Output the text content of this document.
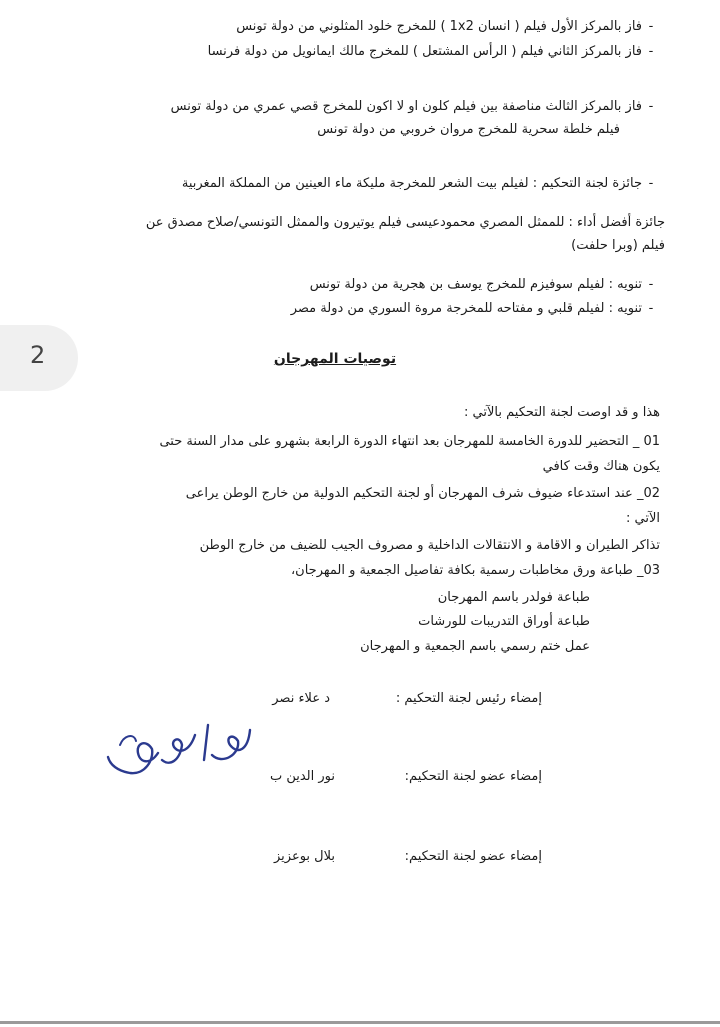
-فاز بالمركز الأول فيلم ( انسان 1x2 ) للمخرج خلود المثلوني من دولة تونس
-فاز بالمركز الثاني فيلم ( الرأس المشتعل ) للمخرج مالك ايمانويل من دولة فرنسا
-فاز بالمركز الثالث مناصفة بين فيلم كلون او لا اكون للمخرج قصي عمري من دولة تونس
فيلم خلطة سحرية للمخرج مروان خروبي من دولة تونس
-جائزة لجنة التحكيم : لفيلم بيت الشعر للمخرجة مليكة ماء العينين من المملكة المغربية
جائزة أفضل أداء : للممثل المصري محمودعيسى فيلم يوتيرون والممثل التونسي/صلاح مصدق عن
فيلم (وبرا حلفت)
-تنويه : لفيلم سوفيزم للمخرج يوسف بن هجرية من دولة تونس
-تنويه : لفيلم قلبي و مفتاحه للمخرجة مروة السوري من دولة مصر
2	توصيات المهرجان
هذا و قد اوصت لجنة التحكيم بالآتي :
01 _ التحضير للدورة الخامسة للمهرجان بعد انتهاء الدورة الرابعة بشهرو على مدار السنة حتى
يكون هناك وقت كافي
02_ عند استدعاء ضيوف شرف المهرجان أو لجنة التحكيم الدولية من خارج الوطن يراعى
الآتي :
تذاكر الطيران و الاقامة و الانتقالات الداخلية و مصروف الجيب للضيف من خارج الوطن
03_ طباعة ورق مخاطبات رسمية بكافة تفاصيل الجمعية و المهرجان،
طباعة فولدر باسم المهرجان
طباعة أوراق التدريبات للورشات
عمل ختم رسمي باسم الجمعية و المهرجان
إمضاء رئيس لجنة التحكيم :
د علاء نصر
إمضاء عضو لجنة التحكيم:
نور الدين ب
إمضاء عضو لجنة التحكيم:
بلال بوعزيز
